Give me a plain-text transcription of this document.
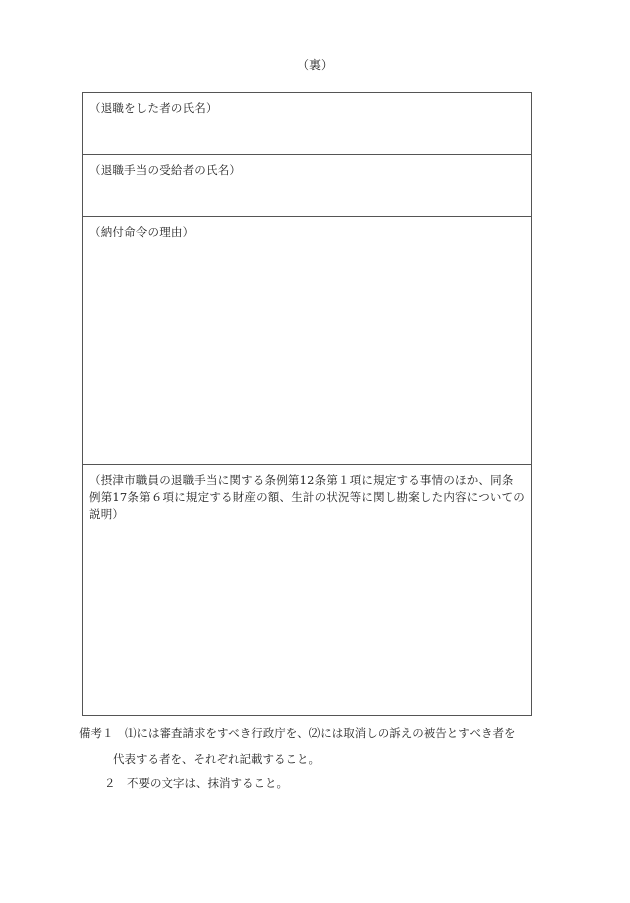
（裏）
（退職をした者の氏名）
（退職手当の受給者の氏名）
（納付命令の理由）
（摂津市職員の退職手当に関する条例第12条第１項に規定する事情のほか、同条例第17条第６項に規定する財産の額、生計の状況等に関し勘案した内容についての説明）
備考１　⑴には審査請求をすべき行政庁を、⑵には取消しの訴えの被告とすべき者を
代表する者を、それぞれ記載すること。
２　不要の文字は、抹消すること。
